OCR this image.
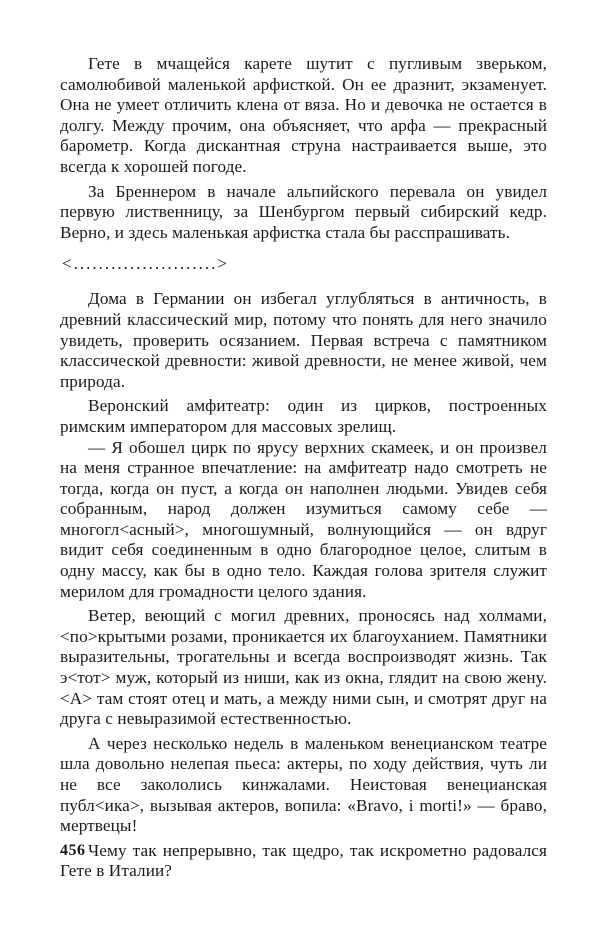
Гете в мчащейся карете шутит с пугливым зверьком, самолюбивой маленькой арфисткой. Он ее дразнит, экзаменует. Она не умеет отличить клена от вяза. Но и девочка не остается в долгу. Между прочим, она объясняет, что арфа — прекрасный барометр. Когда дискантная струна настраивается выше, это всегда к хорошей погоде.

За Бреннером в начале альпийского перевала он увидел первую лиственницу, за Шенбургом первый сибирский кедр. Верно, и здесь маленькая арфистка стала бы расспрашивать.

<.......................>

Дома в Германии он избегал углубляться в античность, в древний классический мир, потому что понять для него значило увидеть, проверить осязанием. Первая встреча с памятником классической древности: живой древности, не менее живой, чем природа.

Веронский амфитеатр: один из цирков, построенных римским императором для массовых зрелищ.

— Я обошел цирк по ярусу верхних скамеек, и он произвел на меня странное впечатление: на амфитеатр надо смотреть не тогда, когда он пуст, а когда он наполнен людьми. Увидев себя собранным, народ должен изумиться самому себе — многогл<асный>, многошумный, волнующийся — он вдруг видит себя соединенным в одно благородное целое, слитым в одну массу, как бы в одно тело. Каждая голова зрителя служит мерилом для громадности целого здания.

Ветер, веющий с могил древних, проносясь над холмами, <по>крытыми розами, проникается их благоуханием. Памятники выразительны, трогательны и всегда воспроизводят жизнь. Так э<тот> муж, который из ниши, как из окна, глядит на свою жену. <А> там стоят отец и мать, а между ними сын, и смотрят друг на друга с невыразимой естественностью.

А через несколько недель в маленьком венецианском театре шла довольно нелепая пьеса: актеры, по ходу действия, чуть ли не все закололись кинжалами. Неистовая венецианская публ<ика>, вызывая актеров, вопила: «Bravo, i morti!» — браво, мертвецы!

Чему так непрерывно, так щедро, так искрометно радовался Гете в Италии?

456
